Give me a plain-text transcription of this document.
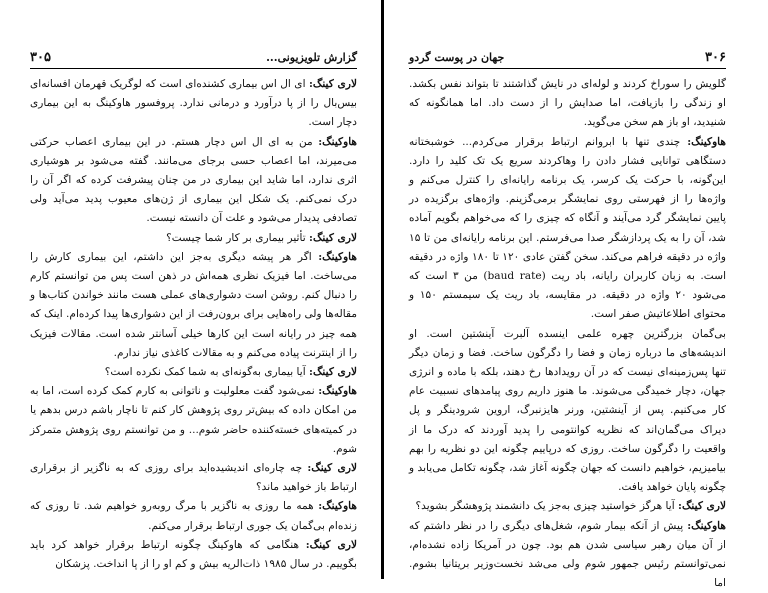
۳۰۵	گزارش تلویزیونی...

لاری کینگ: ای ال اس بیماری کشنده‌ای است که لوگریک قهرمان افسانه‌ای بیس‌بال را از پا درآورد و درمانی ندارد. پروفسور هاوکینگ به این بیماری دچار است.

هاوکینگ: من به ای ال اس دچار هستم. در این بیماری اعصاب حرکتی می‌میرند، اما اعصاب حسی برجای می‌مانند. گفته می‌شود بر هوشیاری اثری ندارد، اما شاید این بیماری در من چنان پیشرفت کرده که اگر آن را درک نمی‌کنم. یک شکل این بیماری از ژن‌های معیوب پدید می‌آید ولی تصادفی پدیدار می‌شود و علت آن دانسته نیست.

لاری کینگ: تأثیر بیماری بر کار شما چیست؟

هاوکینگ: اگر هر پیشه دیگری به‌جز این داشتم، این بیماری کارش را می‌ساخت. اما فیزیک نظری همه‌اش در ذهن است پس من توانستم کارم را دنبال کنم. روشن است دشواری‌های عملی هست مانند خواندن کتاب‌ها و مقاله‌ها ولی راه‌هایی برای برون‌رفت از این دشواری‌ها پیدا کرده‌ام. اینک که همه چیز در رایانه است این کارها خیلی آسانتر شده است. مقالات فیزیک را از اینترنت پیاده می‌کنم و به مقالات کاغذی نیاز ندارم.

لاری کینگ: آیا بیماری به‌گونه‌ای به شما کمک نکرده است؟

هاوکینگ: نمی‌شود گفت معلولیت و ناتوانی به کارم کمک کرده است، اما به من امکان داده که بیش‌تر روی پژوهش کار کنم تا ناچار باشم درس بدهم یا در کمیته‌های خسته‌کننده حاضر شوم... و من توانستم روی پژوهش متمرکز شوم.

لاری کینگ: چه چاره‌ای اندیشیده‌اید برای روزی که به ناگزیر از برقراری ارتباط باز خواهید ماند؟

هاوکینگ: همه ما روزی به ناگزیر با مرگ روبه‌رو خواهیم شد. تا روزی که زنده‌ام بی‌گمان یک جوری ارتباط برقرار می‌کنم.

لاری کینگ: هنگامی که هاوکینگ چگونه ارتباط برقرار خواهد کرد باید بگوییم. در سال ۱۹۸۵ ذات‌الریه بیش و کم او را از پا انداخت. پزشکان

۳۰۶
جهان در پوست گردو

گلویش را سوراخ کردند و لوله‌ای در نایش گذاشتند تا بتواند نفس بکشد. او زندگی را بازیافت، اما صدایش را از دست داد. اما همانگونه که شنیدید، او باز هم سخن می‌گوید.

هاوکینگ: چندی تنها با ابروانم ارتباط برقرار می‌کردم... خوشبختانه دستگاهی توانایی فشار دادن را وهاکردند سریع یک تک کلید را دارد. این‌گونه، با حرکت یک کرسر، یک برنامه رایانه‌ای را کنترل می‌کنم و واژه‌ها را از فهرستی روی نمایشگر برمی‌گزینم. واژه‌های برگزیده در پایین نمایشگر گرد می‌آیند و آنگاه که چیزی را که می‌خواهم بگویم آماده شد، آن را به یک پردازشگر صدا می‌فرستم. این برنامه رایانه‌ای من تا ۱۵ واژه در دقیقه فراهم می‌کند. سخن گفتن عادی ۱۲۰ تا ۱۸۰ واژه در دقیقه است. به زبان کاربران رایانه، باد ریت (baud rate) من ۳ است که می‌شود ۲۰ واژه در دقیقه. در مقایسه، باد ریت یک سیمستم ۱۵۰ و محتوای اطلاعاتیش صفر است.

بی‌گمان بزرگترین چهره علمی اینسده آلبرت آینشتین است. او اندیشه‌های ما درباره زمان و فضا را دگرگون ساخت. فضا و زمان دیگر تنها پس‌زمینه‌ای نیست که در آن رویدادها رخ دهند، بلکه با ماده و انرژی جهان، دچار خمیدگی می‌شوند. ما هنوز داریم روی پیامدهای نسبیت عام کار می‌کنیم. پس از آینشتین، ورنر هایزنبرگ، اروین شرودینگر و پل دیراک می‌گمان‌اند که نظریه کوانتومی را پدید آوردند که درک ما از واقعیت را دگرگون ساخت. روزی که درپاییم چگونه این دو نظریه را بهم بیامیزیم، خواهیم دانست که جهان چگونه آغاز شد، چگونه تکامل می‌یابد و چگونه پایان خواهد یافت.

لاری کینگ: آیا هرگز خواستید چیزی به‌جز یک دانشمند پژوهشگر بشوید؟

هاوکینگ: پیش از آنکه بیمار شوم، شغل‌های دیگری را در نظر داشتم که از آن میان رهبر سیاسی شدن هم بود. چون در آمریکا زاده نشده‌ام، نمی‌توانستم رئیس جمهور شوم ولی می‌شد نخست‌وزیر بریتانیا بشوم. اما
